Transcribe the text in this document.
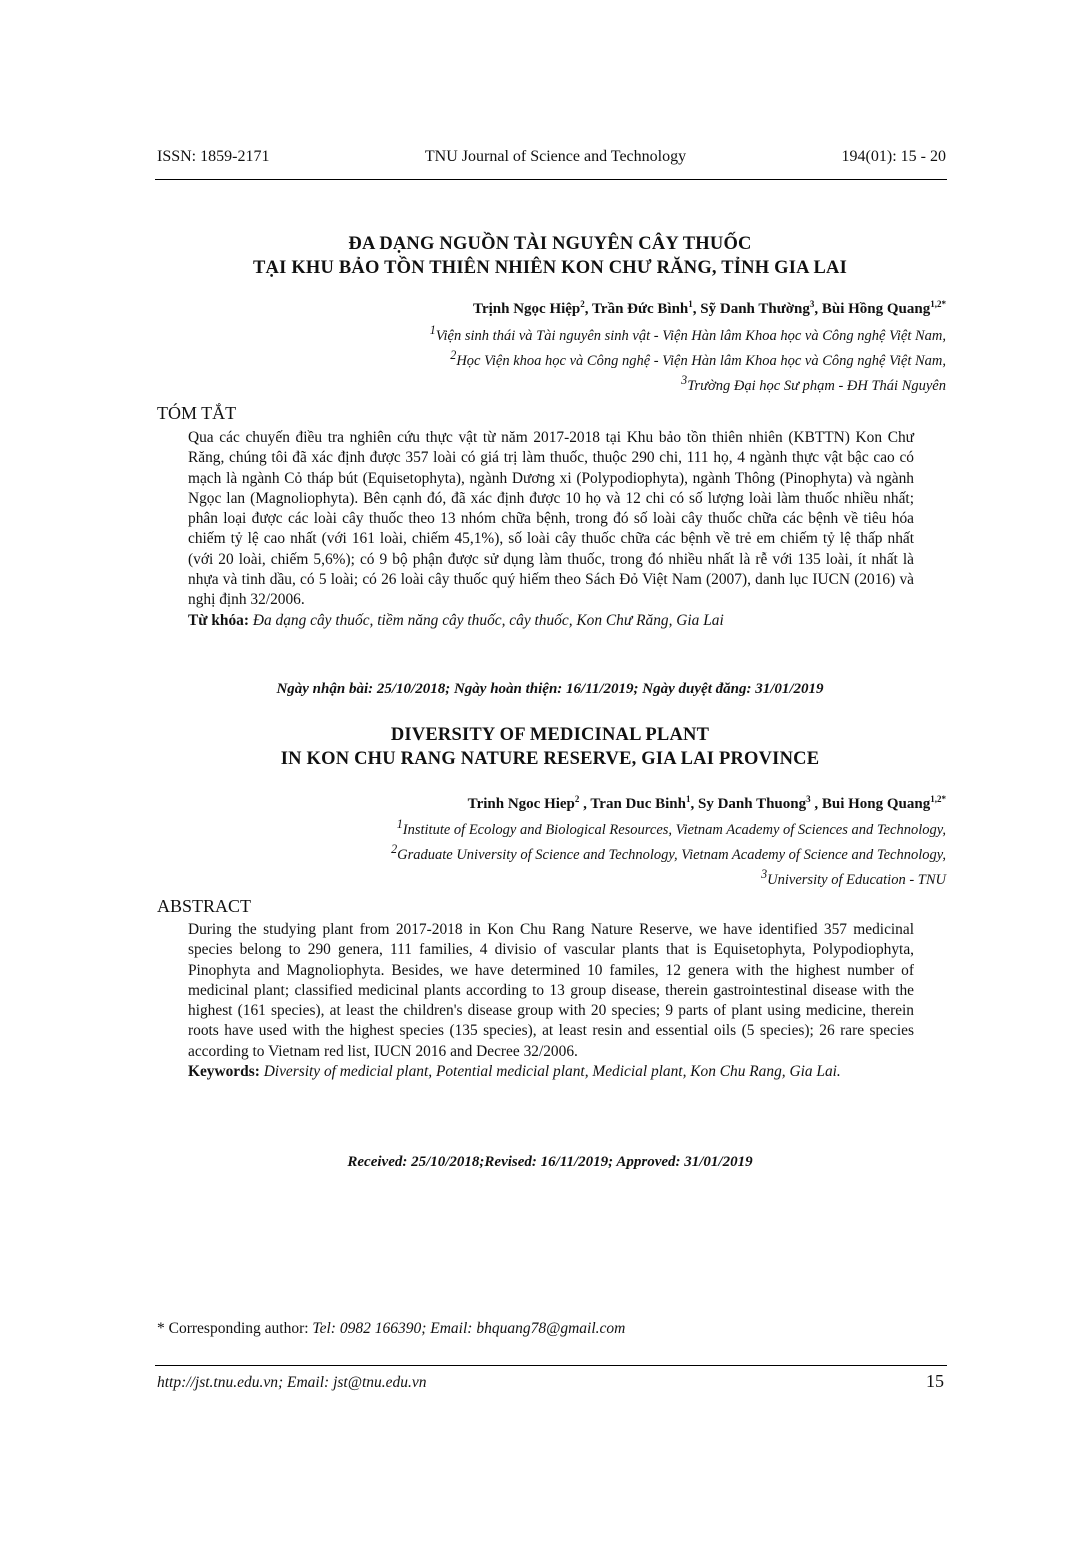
ISSN: 1859-2171	TNU Journal of Science and Technology	194(01): 15 - 20
ĐA DẠNG NGUỒN TÀI NGUYÊN CÂY THUỐC
TẠI KHU BẢO TỒN THIÊN NHIÊN KON CHƯ RĂNG, TỈNH GIA LAI
Trịnh Ngọc Hiệp$^2$, Trần Đức Bình$^1$, Sỹ Danh Thường$^3$, Bùi Hồng Quang$^{1,2*}$
$^1$Viện sinh thái và Tài nguyên sinh vật - Viện Hàn lâm Khoa học và Công nghệ Việt Nam,
$^2$Học Viện khoa học và Công nghệ - Viện Hàn lâm Khoa học và Công nghệ Việt Nam,
$^3$Trường Đại học Sư phạm - ĐH Thái Nguyên
TÓM TẮT
Qua các chuyến điều tra nghiên cứu thực vật từ năm 2017-2018 tại Khu bảo tồn thiên nhiên (KBTTN) Kon Chư Răng, chúng tôi đã xác định được 357 loài có giá trị làm thuốc, thuộc 290 chi, 111 họ, 4 ngành thực vật bậc cao có mạch là ngành Cỏ tháp bút (Equisetophyta), ngành Dương xi (Polypodiophyta), ngành Thông (Pinophyta) và ngành Ngọc lan (Magnoliophyta). Bên cạnh đó, đã xác định được 10 họ và 12 chi có số lượng loài làm thuốc nhiều nhất; phân loại được các loài cây thuốc theo 13 nhóm chữa bệnh, trong đó số loài cây thuốc chữa các bệnh về tiêu hóa chiếm tỷ lệ cao nhất (với 161 loài, chiếm 45,1%), số loài cây thuốc chữa các bệnh về trẻ em chiếm tỷ lệ thấp nhất (với 20 loài, chiếm 5,6%); có 9 bộ phận được sử dụng làm thuốc, trong đó nhiều nhất là rễ với 135 loài, ít nhất là nhựa và tinh dầu, có 5 loài; có 26 loài cây thuốc quý hiếm theo Sách Đỏ Việt Nam (2007), danh lục IUCN (2016) và nghị định 32/2006.
Từ khóa: Đa dạng cây thuốc, tiềm năng cây thuốc, cây thuốc, Kon Chư Răng, Gia Lai
Ngày nhận bài: 25/10/2018; Ngày hoàn thiện: 16/11/2019; Ngày duyệt đăng: 31/01/2019
DIVERSITY OF MEDICINAL PLANT
IN KON CHU RANG NATURE RESERVE, GIA LAI PROVINCE
Trinh Ngoc Hiep$^2$ , Tran Duc Binh$^1$, Sy Danh Thuong$^3$ , Bui Hong Quang$^{1,2*}$
$^1$Institute of Ecology and Biological Resources, Vietnam Academy of Sciences and Technology,
$^2$Graduate University of Science and Technology, Vietnam Academy of Science and Technology,
$^3$University of Education - TNU
ABSTRACT
During the studying plant from 2017-2018 in Kon Chu Rang Nature Reserve, we have identified 357 medicinal species belong to 290 genera, 111 families, 4 divisio of vascular plants that is Equisetophyta, Polypodiophyta, Pinophyta and Magnoliophyta. Besides, we have determined 10 familes, 12 genera with the highest number of medicinal plant; classified medicinal plants according to 13 group disease, therein gastrointestinal disease with the highest (161 species), at least the children's disease group with 20 species; 9 parts of plant using medicine, therein roots have used with the highest species (135 species), at least resin and essential oils (5 species); 26 rare species according to Vietnam red list, IUCN 2016 and Decree 32/2006.
Keywords: Diversity of medicial plant, Potential medicial plant, Medicial plant, Kon Chu Rang, Gia Lai.
Received: 25/10/2018;Revised: 16/11/2019; Approved: 31/01/2019
* Corresponding author: Tel: 0982 166390; Email: bhquang78@gmail.com
http://jst.tnu.edu.vn; Email: jst@tnu.edu.vn	15
